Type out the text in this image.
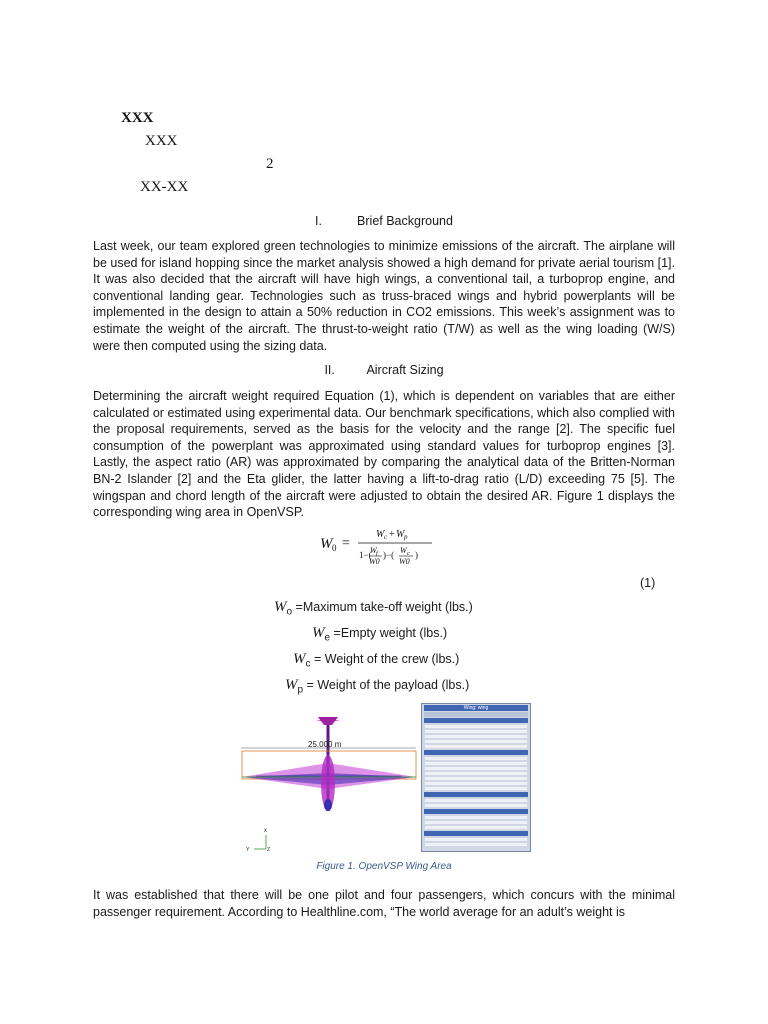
XXX
XXX
2
XX-XX
I.	Brief Background

Last week, our team explored green technologies to minimize emissions of the aircraft. The airplane will be used for island hopping since the market analysis showed a high demand for private aerial tourism [1]. It was also decided that the aircraft will have high wings, a conventional tail, a turboprop engine, and conventional landing gear. Technologies such as truss-braced wings and hybrid powerplants will be implemented in the design to attain a 50% reduction in CO2 emissions. This week’s assignment was to estimate the weight of the aircraft. The thrust-to-weight ratio (T/W) as well as the wing loading (W/S) were then computed using the sizing data.

II.	Aircraft Sizing

Determining the aircraft weight required Equation (1), which is dependent on variables that are either calculated or estimated using experimental data. Our benchmark specifications, which also complied with the proposal requirements, served as the basis for the velocity and the range [2]. The specific fuel consumption of the powerplant was approximated using standard values for turboprop engines [3]. Lastly, the aspect ratio (AR) was approximated by comparing the analytical data of the Britten-Norman BN-2 Islander [2] and the Eta glider, the latter having a lift-to-drag ratio (L/D) exceeding 75 [5]. The wingspan and chord length of the aircraft were adjusted to obtain the desired AR. Figure 1 displays the corresponding wing area in OpenVSP.

W 0 =
W c + W p
1−(
W f
W0
)−( W c
W0
)
(1)
$W_o$ =Maximum take-off weight (lbs.)
$W_e$ =Empty weight (lbs.)
$W_c$ = Weight of the crew (lbs.)
$W_p$ = Weight of the payload (lbs.)
25.000 m
x
Y	Z
Wing: wing
Figure 1. OpenVSP Wing Area

It was established that there will be one pilot and four passengers, which concurs with the minimal passenger requirement. According to Healthline.com, “The world average for an adult’s weight is
